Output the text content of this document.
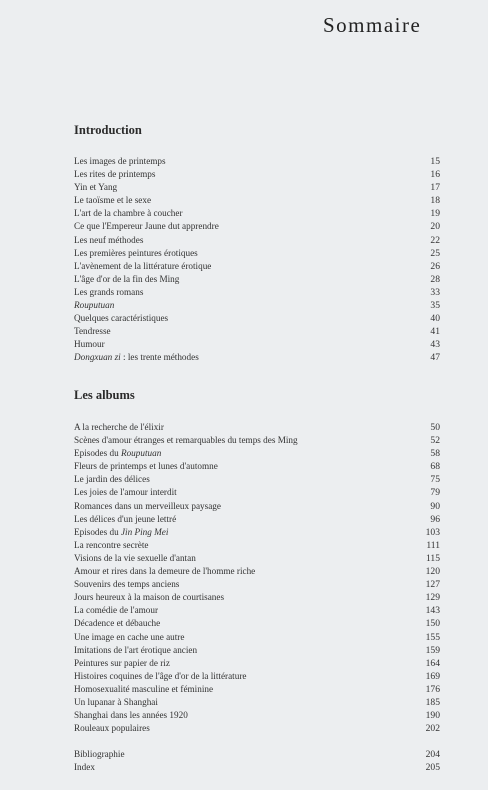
Sommaire
Introduction
Les images de printemps	15
Les rites de printemps	16
Yin et Yang	17
Le taoïsme et le sexe	18
L'art de la chambre à coucher	19
Ce que l'Empereur Jaune dut apprendre	20
Les neuf méthodes	22
Les premières peintures érotiques	25
L'avènement de la littérature érotique	26
L'âge d'or de la fin des Ming	28
Les grands romans	33
Rouputuan	35
Quelques caractéristiques	40
Tendresse	41
Humour	43
Dongxuan zi : les trente méthodes	47
Les albums
A la recherche de l'élixir	50
Scènes d'amour étranges et remarquables du temps des Ming	52
Episodes du Rouputuan	58
Fleurs de printemps et lunes d'automne	68
Le jardin des délices	75
Les joies de l'amour interdit	79
Romances dans un merveilleux paysage	90
Les délices d'un jeune lettré	96
Episodes du Jin Ping Mei	103
La rencontre secrète	111
Visions de la vie sexuelle d'antan	115
Amour et rires dans la demeure de l'homme riche	120
Souvenirs des temps anciens	127
Jours heureux à la maison de courtisanes	129
La comédie de l'amour	143
Décadence et débauche	150
Une image en cache une autre	155
Imitations de l'art érotique ancien	159
Peintures sur papier de riz	164
Histoires coquines de l'âge d'or de la littérature	169
Homosexualité masculine et féminine	176
Un lupanar à Shanghai	185
Shanghai dans les années 1920	190
Rouleaux populaires	202
Bibliographie	204
Index	205
